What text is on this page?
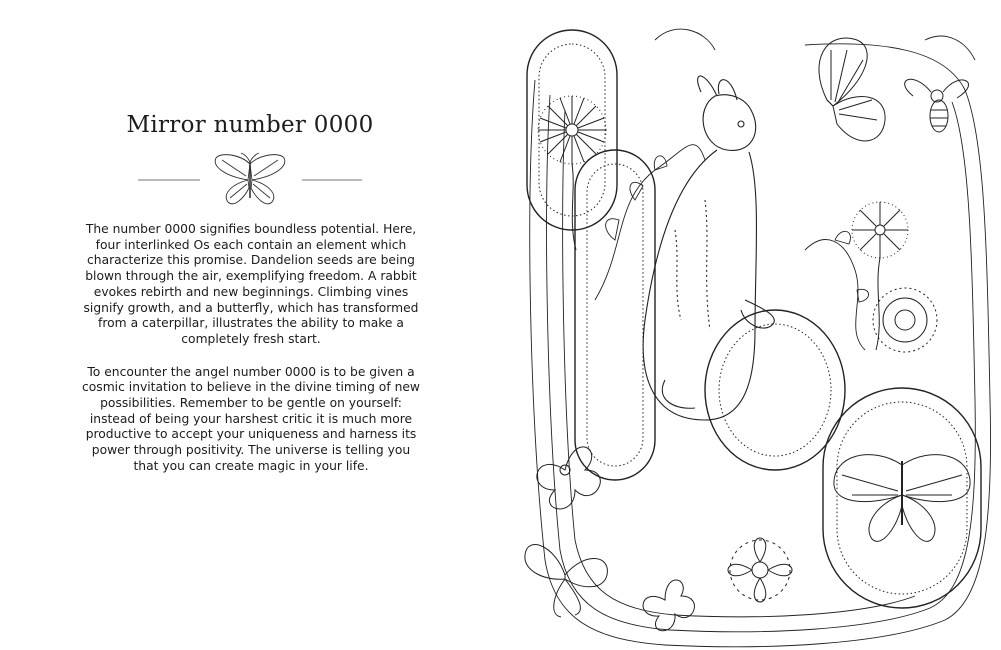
Mirror number 0000

The number 0000 signifies boundless potential. Here, four interlinked Os each contain an element which characterize this promise. Dandelion seeds are being blown through the air, exemplifying freedom. A rabbit evokes rebirth and new beginnings. Climbing vines signify growth, and a butterfly, which has transformed from a caterpillar, illustrates the ability to make a completely fresh start.

To encounter the angel number 0000 is to be given a cosmic invitation to believe in the divine timing of new possibilities. Remember to be gentle on yourself: instead of being your harshest critic it is much more productive to accept your uniqueness and harness its power through positivity. The universe is telling you that you can create magic in your life.
